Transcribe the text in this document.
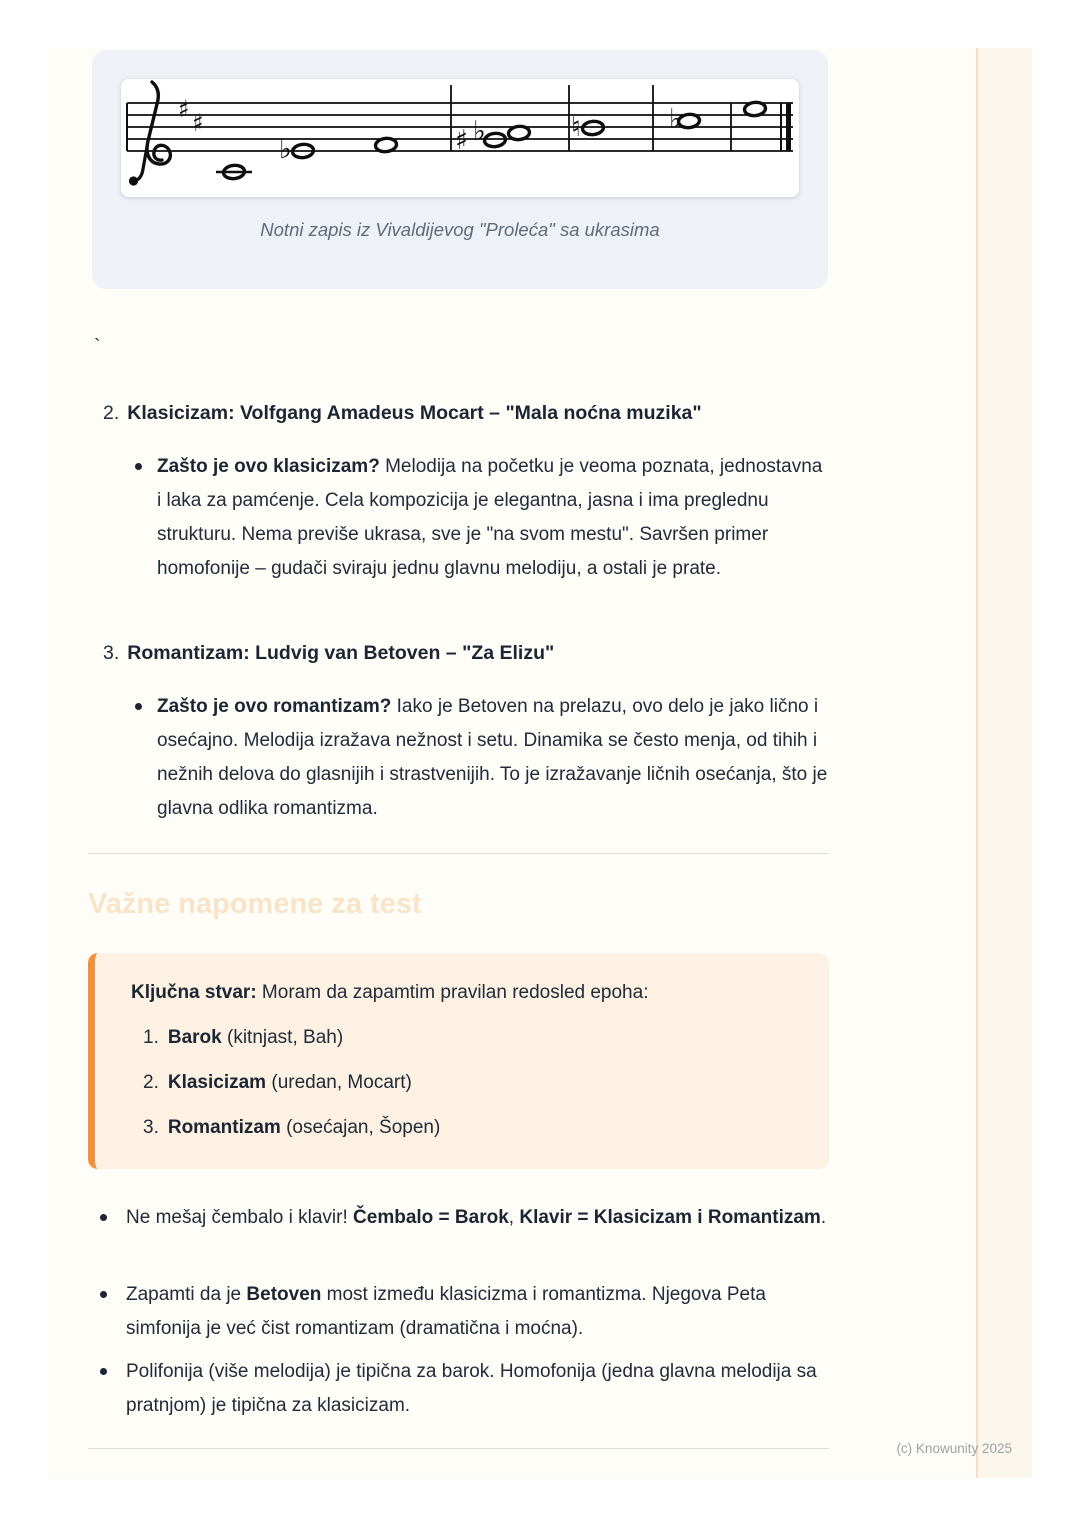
♯ ♯
♭	♯ ♭	♮	♭
Notni zapis iz Vivaldijevog "Proleća" sa ukrasima
`
2. Klasicizam: Volfgang Amadeus Mocart – "Mala noćna muzika"
Zašto je ovo klasicizam? Melodija na početku je veoma poznata, jednostavna i laka za pamćenje. Cela kompozicija je elegantna, jasna i ima preglednu strukturu. Nema previše ukrasa, sve je "na svom mestu". Savršen primer homofonije – gudači sviraju jednu glavnu melodiju, a ostali je prate.
3. Romantizam: Ludvig van Betoven – "Za Elizu"
Zašto je ovo romantizam? Iako je Betoven na prelazu, ovo delo je jako lično i osećajno. Melodija izražava nežnost i setu. Dinamika se često menja, od tihih i nežnih delova do glasnijih i strastvenijih. To je izražavanje ličnih osećanja, što je glavna odlika romantizma.
Važne napomene za test

Ključna stvar: Moram da zapamtim pravilan redosled epoha:

1. Barok (kitnjast, Bah)
2. Klasicizam (uredan, Mocart)
3. Romantizam (osećajan, Šopen)
Ne mešaj čembalo i klavir! Čembalo = Barok, Klavir = Klasicizam i Romantizam.
Zapamti da je Betoven most između klasicizma i romantizma. Njegova Peta simfonija je već čist romantizam (dramatična i moćna).
Polifonija (više melodija) je tipična za barok. Homofonija (jedna glavna melodija sa pratnjom) je tipična za klasicizam.
(c) Knowunity 2025
